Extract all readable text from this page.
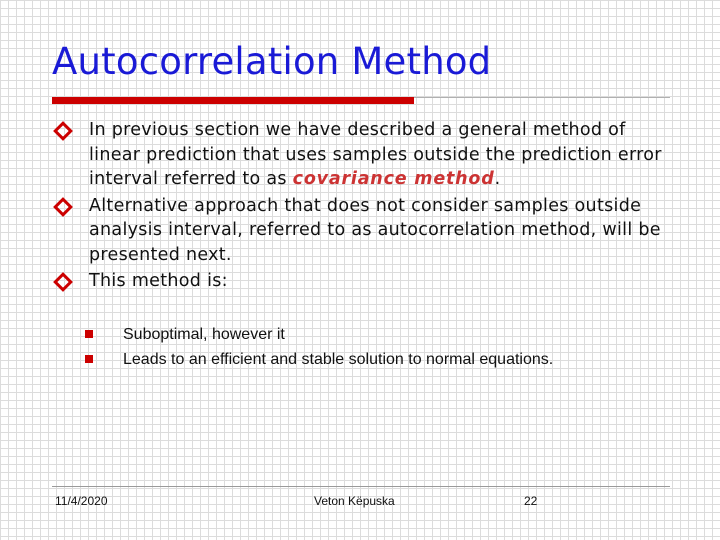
Autocorrelation Method
In previous section we have described a general method of linear prediction that uses samples outside the prediction error interval referred to as covariance method.
Alternative approach that does not consider samples outside analysis interval, referred to as autocorrelation method, will be presented next.
This method is:
Suboptimal, however it
Leads to an efficient and stable solution to normal equations.
11/4/2020	Veton Këpuska	22
